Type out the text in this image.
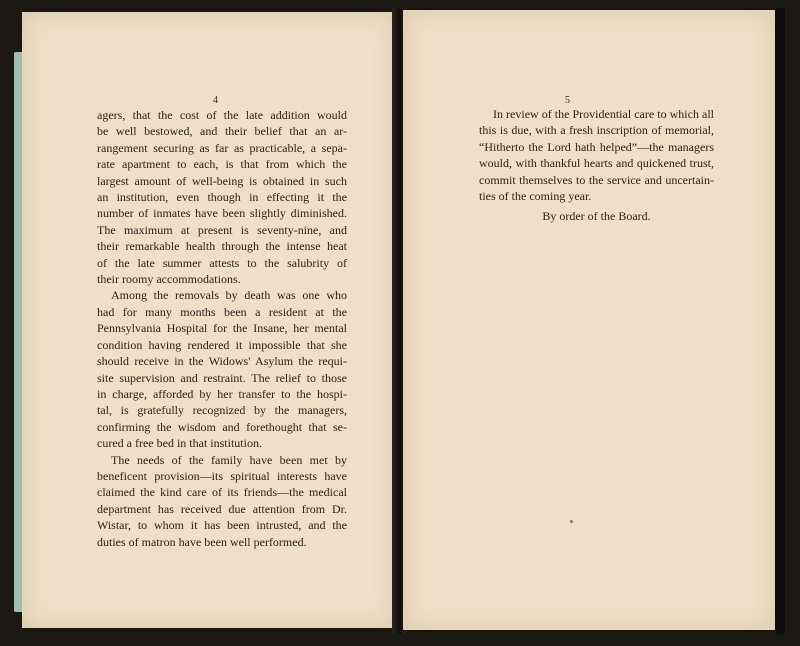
4

agers, that the cost of the late addition would
be well bestowed, and their belief that an ar-
rangement securing as far as practicable, a sepa-
rate apartment to each, is that from which the
largest amount of well-being is obtained in such
an institution, even though in effecting it the
number of inmates have been slightly diminished.
The maximum at present is seventy-nine, and
their remarkable health through the intense heat
of the late summer attests to the salubrity of
their roomy accommodations.
Among the removals by death was one who
had for many months been a resident at the
Pennsylvania Hospital for the Insane, her mental
condition having rendered it impossible that she
should receive in the Widows' Asylum the requi-
site supervision and restraint. The relief to those
in charge, afforded by her transfer to the hospi-
tal, is gratefully recognized by the managers,
confirming the wisdom and forethought that se-
cured a free bed in that institution.
The needs of the family have been met by
beneficent provision—its spiritual interests have
claimed the kind care of its friends—the medical
department has received due attention from Dr.
Wistar, to whom it has been intrusted, and the
duties of matron have been well performed.

5

In review of the Providential care to which all
this is due, with a fresh inscription of memorial,
“Hitherto the Lord hath helped”—the managers
would, with thankful hearts and quickened trust,
commit themselves to the service and uncertain-
ties of the coming year.
By order of the Board.
